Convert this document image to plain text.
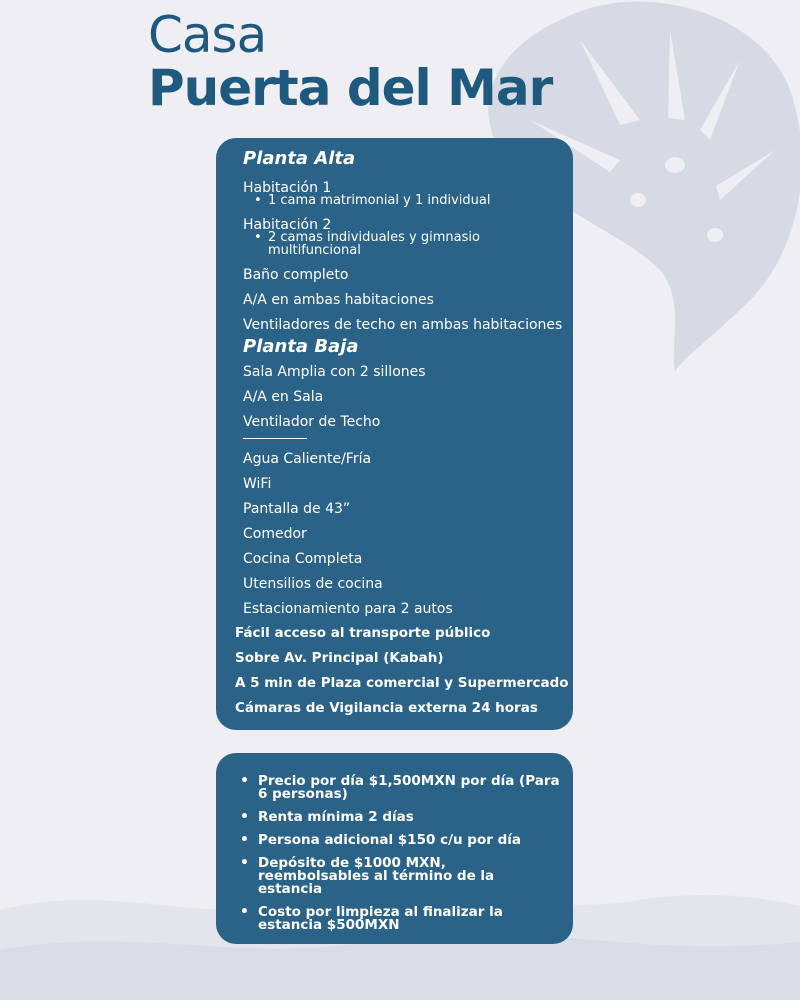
Casa
Puerta del Mar
Planta Alta
Habitación 1
• 1 cama matrimonial y 1 individual
Habitación 2
• 2 camas individuales y gimnasio
multifuncional
Baño completo
A/A en ambas habitaciones
Ventiladores de techo en ambas habitaciones
Planta Baja
Sala Amplia con 2 sillones
A/A en Sala
Ventilador de Techo
Agua Caliente/Fría
WiFi
Pantalla de 43”
Comedor
Cocina Completa
Utensilios de cocina
Estacionamiento para 2 autos
Fácil acceso al transporte público
Sobre Av. Principal (Kabah)
A 5 min de Plaza comercial y Supermercado
Cámaras de Vigilancia externa 24 horas
• Precio por día $1,500MXN por día (Para 6 personas)
• Renta mínima 2 días
• Persona adicional $150 c/u por día
• Depósito de $1000 MXN, reembolsables al término de la estancia
• Costo por limpieza al finalizar la estancia $500MXN
